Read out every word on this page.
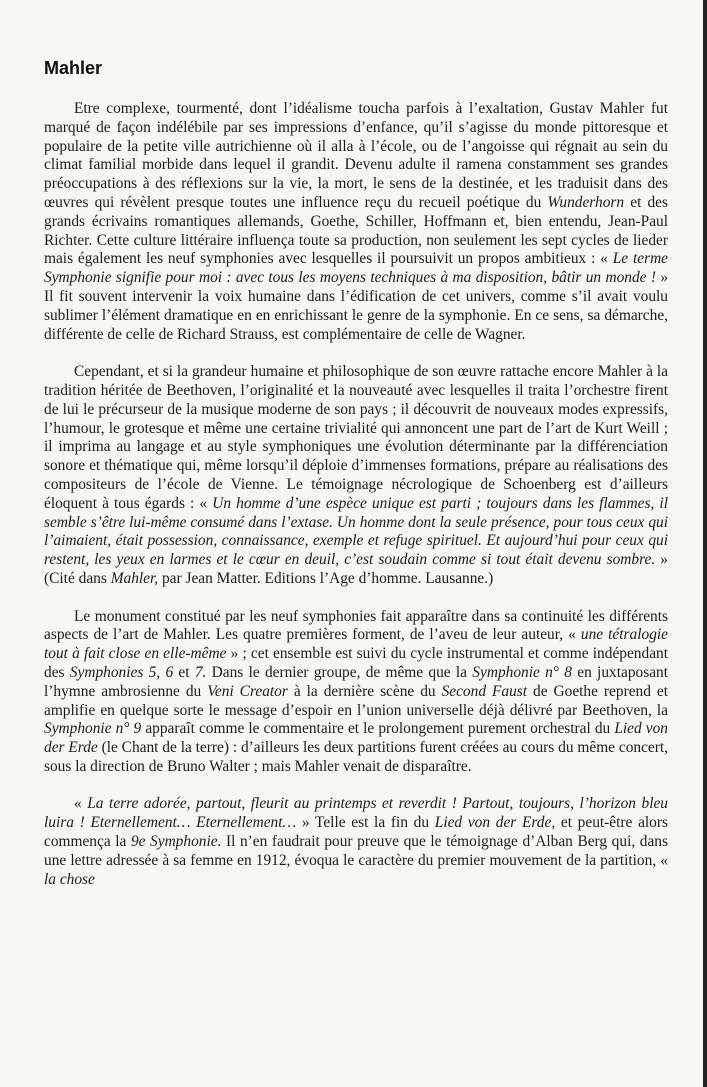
Mahler

Etre complexe, tourmenté, dont l’idéalisme toucha parfois à l’exaltation, Gustav Mahler fut marqué de façon indélébile par ses impressions d’enfance, qu’il s’agisse du monde pittoresque et populaire de la petite ville autrichienne où il alla à l’école, ou de l’angoisse qui régnait au sein du climat familial morbide dans lequel il grandit. Devenu adulte il ramena constamment ses grandes préoccupations à des réflexions sur la vie, la mort, le sens de la destinée, et les traduisit dans des œuvres qui révèlent presque toutes une influence reçu du recueil poétique du Wunderhorn et des grands écrivains romantiques allemands, Goethe, Schiller, Hoffmann et, bien entendu, Jean-Paul Richter. Cette culture littéraire influença toute sa production, non seulement les sept cycles de lieder mais également les neuf symphonies avec lesquelles il poursuivit un propos ambitieux : « Le terme Symphonie signifie pour moi : avec tous les moyens techniques à ma disposition, bâtir un monde ! » Il fit souvent intervenir la voix humaine dans l’édification de cet univers, comme s’il avait voulu sublimer l’élément dramatique en en enrichissant le genre de la symphonie. En ce sens, sa démarche, différente de celle de Richard Strauss, est complémentaire de celle de Wagner.

Cependant, et si la grandeur humaine et philosophique de son œuvre rattache encore Mahler à la tradition héritée de Beethoven, l’originalité et la nouveauté avec lesquelles il traita l’orchestre firent de lui le précurseur de la musique moderne de son pays ; il découvrit de nouveaux modes expressifs, l’humour, le grotesque et même une certaine trivialité qui annoncent une part de l’art de Kurt Weill ; il imprima au langage et au style symphoniques une évolution déterminante par la différenciation sonore et thématique qui, même lorsqu’il déploie d’immenses formations, prépare au réalisations des compositeurs de l’école de Vienne. Le témoignage nécrologique de Schoenberg est d’ailleurs éloquent à tous égards : « Un homme d’une espèce unique est parti ; toujours dans les flammes, il semble s’être lui-même consumé dans l’extase. Un homme dont la seule présence, pour tous ceux qui l’aimaient, était possession, connaissance, exemple et refuge spirituel. Et aujourd’hui pour ceux qui restent, les yeux en larmes et le cœur en deuil, c’est soudain comme si tout était devenu sombre. » (Cité dans Mahler, par Jean Matter. Editions l’Age d’homme. Lausanne.)

Le monument constitué par les neuf symphonies fait apparaître dans sa continuité les différents aspects de l’art de Mahler. Les quatre premières forment, de l’aveu de leur auteur, « une tétralogie tout à fait close en elle-même » ; cet ensemble est suivi du cycle instrumental et comme indépendant des Symphonies 5, 6 et 7. Dans le dernier groupe, de même que la Symphonie n° 8 en juxtaposant l’hymne ambrosienne du Veni Creator à la dernière scène du Second Faust de Goethe reprend et amplifie en quelque sorte le message d’espoir en l’union universelle déjà délivré par Beethoven, la Symphonie n° 9 apparaît comme le commentaire et le prolongement purement orchestral du Lied von der Erde (le Chant de la terre) : d’ailleurs les deux partitions furent créées au cours du même concert, sous la direction de Bruno Walter ; mais Mahler venait de disparaître.

« La terre adorée, partout, fleurit au printemps et reverdit ! Partout, toujours, l’horizon bleu luira ! Eternellement… Eternellement… » Telle est la fin du Lied von der Erde, et peut-être alors commença la 9e Symphonie. Il n’en faudrait pour preuve que le témoignage d’Alban Berg qui, dans une lettre adressée à sa femme en 1912, évoqua le caractère du premier mouvement de la partition, « la chose
